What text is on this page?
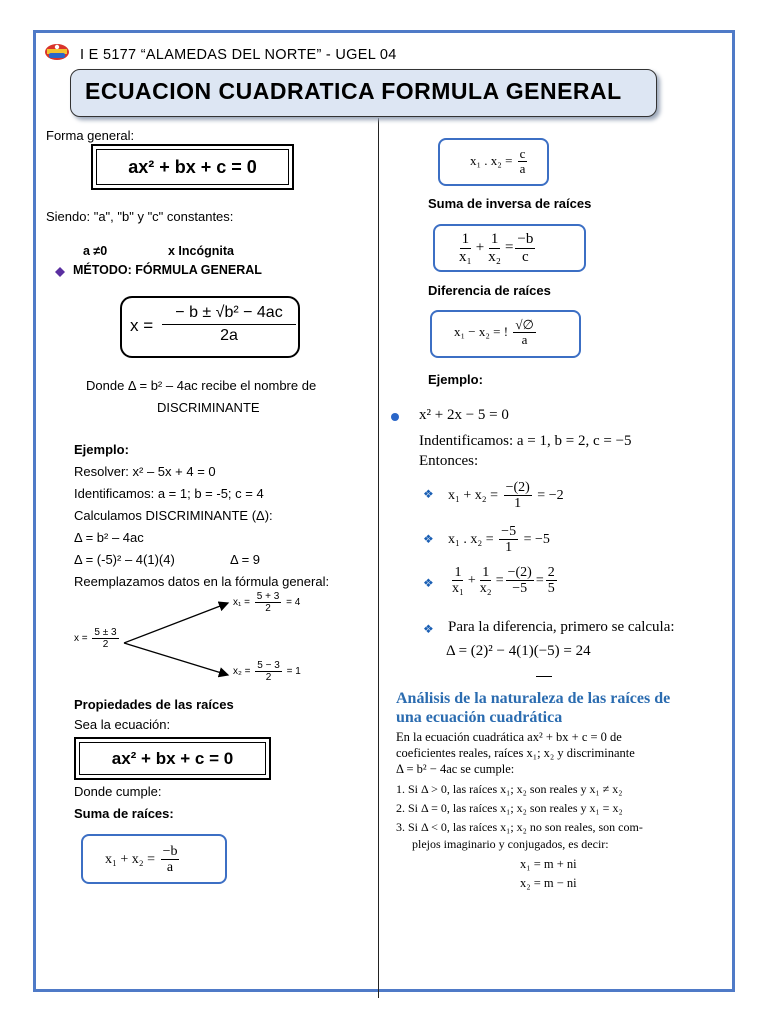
I E 5177 “ALAMEDAS DEL NORTE” - UGEL 04
ECUACION CUADRATICA FORMULA GENERAL
Forma general:
ax² + bx + c = 0
Siendo: "a", "b" y "c" constantes:
a ≠0	x Incógnita
MÉTODO: FÓRMULA GENERAL
$x = \frac{\text{− b ± √b² − 4ac}}{2a}$
Donde Δ = b² – 4ac recibe el nombre de
DISCRIMINANTE
Ejemplo:
Resolver: x² – 5x + 4 = 0
Identificamos: a = 1; b = -5; c = 4
Calculamos DISCRIMINANTE (Δ):
Δ = b² – 4ac
Δ = (-5)² – 4(1)(4)	Δ = 9
Reemplazamos datos en la fórmula general:
$x = \frac{5 \pm 3}{2}$
$x_1 = \frac{5 + 3}{2} = 4$
$x_2 = \frac{5 - 3}{2} = 1$
Propiedades de las raíces
Sea la ecuación:
ax² + bx + c = 0
Donde cumple:
Suma de raíces:
$x_1 + x_2 = \frac{-b}{a}$
x₁ . $x_2 = \frac{c}{a}$
Suma de inversa de raíces
$\frac{1}{\text{x₁}} + \frac{1}{\text{x₂}} = \frac{-b}{c}$
Diferencia de raíces
x₁ − x₂ = ! $\frac{√\emptyset}{a}$
Ejemplo:
x² + 2x − 5 = 0
Indentificamos: a = 1, b = 2, c = −5
Entonces:
❖ $x_1 + x_2 = \frac{-(2)}{1} = -2$
❖ x₁ . $x_2 = \frac{-5}{1} = -5$
❖ $\frac{1}{\text{x₁}} + \frac{1}{\text{x₂}} = \frac{-(2)}{-5} = \frac{2}{5}$
❖ Para la diferencia, primero se calcula:
Δ = (2)² − 4(1)(−5) = 24
Análisis de la naturaleza de las raíces de
una ecuación cuadrática
En la ecuación cuadrática ax² + bx + c = 0 de
coeficientes reales, raíces x₁; x₂ y discriminante
Δ = b² − 4ac se cumple:
1. Si Δ > 0, las raíces x₁; x₂ son reales y x₁ ≠ x₂
2. Si Δ = 0, las raíces x₁; x₂ son reales y x₁ = x₂
3. Si Δ < 0, las raíces x₁; x₂ no son reales, son com-
plejos imaginario y conjugados, es decir:
x₁ = m + ni
x₂ = m − ni
